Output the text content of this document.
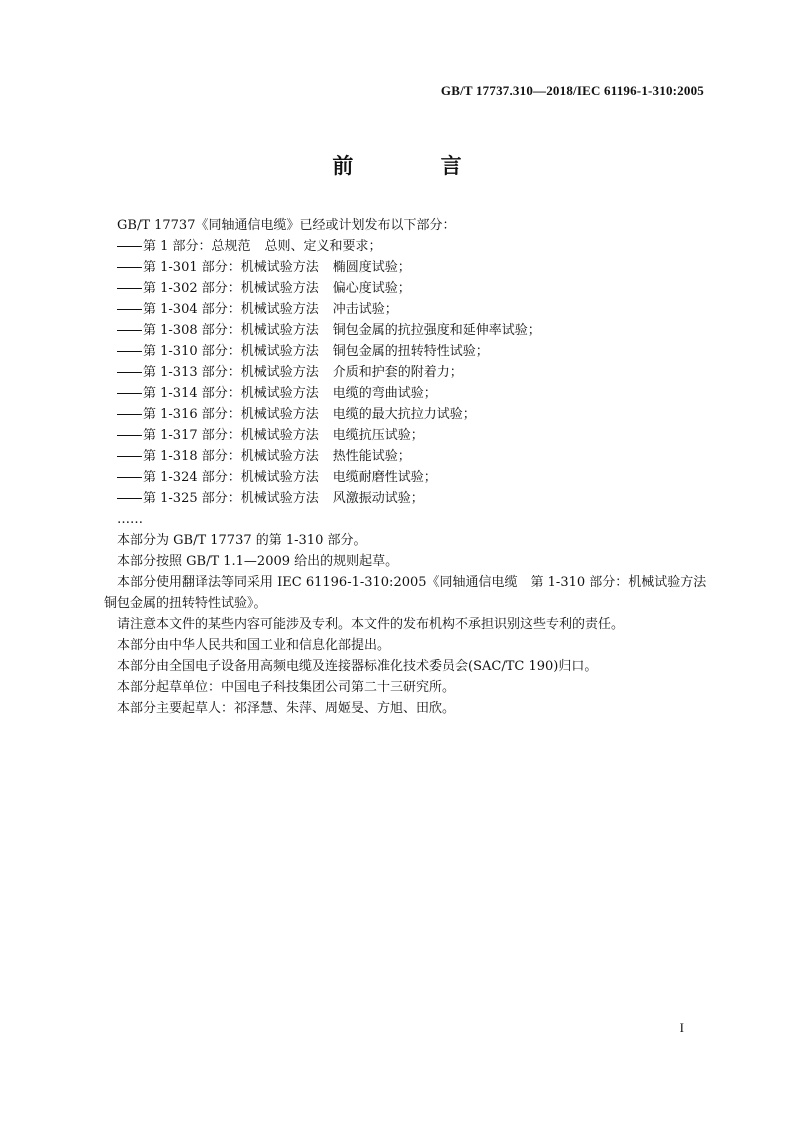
GB/T 17737.310—2018/IEC 61196-1-310:2005
前 言
GB/T 17737《同轴通信电缆》已经或计划发布以下部分：
第 1 部分：总规范 总则、定义和要求；
第 1-301 部分：机械试验方法 椭圆度试验；
第 1-302 部分：机械试验方法 偏心度试验；
第 1-304 部分：机械试验方法 冲击试验；
第 1-308 部分：机械试验方法 铜包金属的抗拉强度和延伸率试验；
第 1-310 部分：机械试验方法 铜包金属的扭转特性试验；
第 1-313 部分：机械试验方法 介质和护套的附着力；
第 1-314 部分：机械试验方法 电缆的弯曲试验；
第 1-316 部分：机械试验方法 电缆的最大抗拉力试验；
第 1-317 部分：机械试验方法 电缆抗压试验；
第 1-318 部分：机械试验方法 热性能试验；
第 1-324 部分：机械试验方法 电缆耐磨性试验；
第 1-325 部分：机械试验方法 风激振动试验；
……
本部分为 GB/T 17737 的第 1-310 部分。
本部分按照 GB/T 1.1—2009 给出的规则起草。
本部分使用翻译法等同采用 IEC 61196-1-310:2005《同轴通信电缆　第 1-310 部分：机械试验方法
铜包金属的扭转特性试验》。
请注意本文件的某些内容可能涉及专利。本文件的发布机构不承担识别这些专利的责任。
本部分由中华人民共和国工业和信息化部提出。
本部分由全国电子设备用高频电缆及连接器标准化技术委员会(SAC/TC 190)归口。
本部分起草单位：中国电子科技集团公司第二十三研究所。
本部分主要起草人：祁泽慧、朱萍、周姬旻、方旭、田欣。
I
